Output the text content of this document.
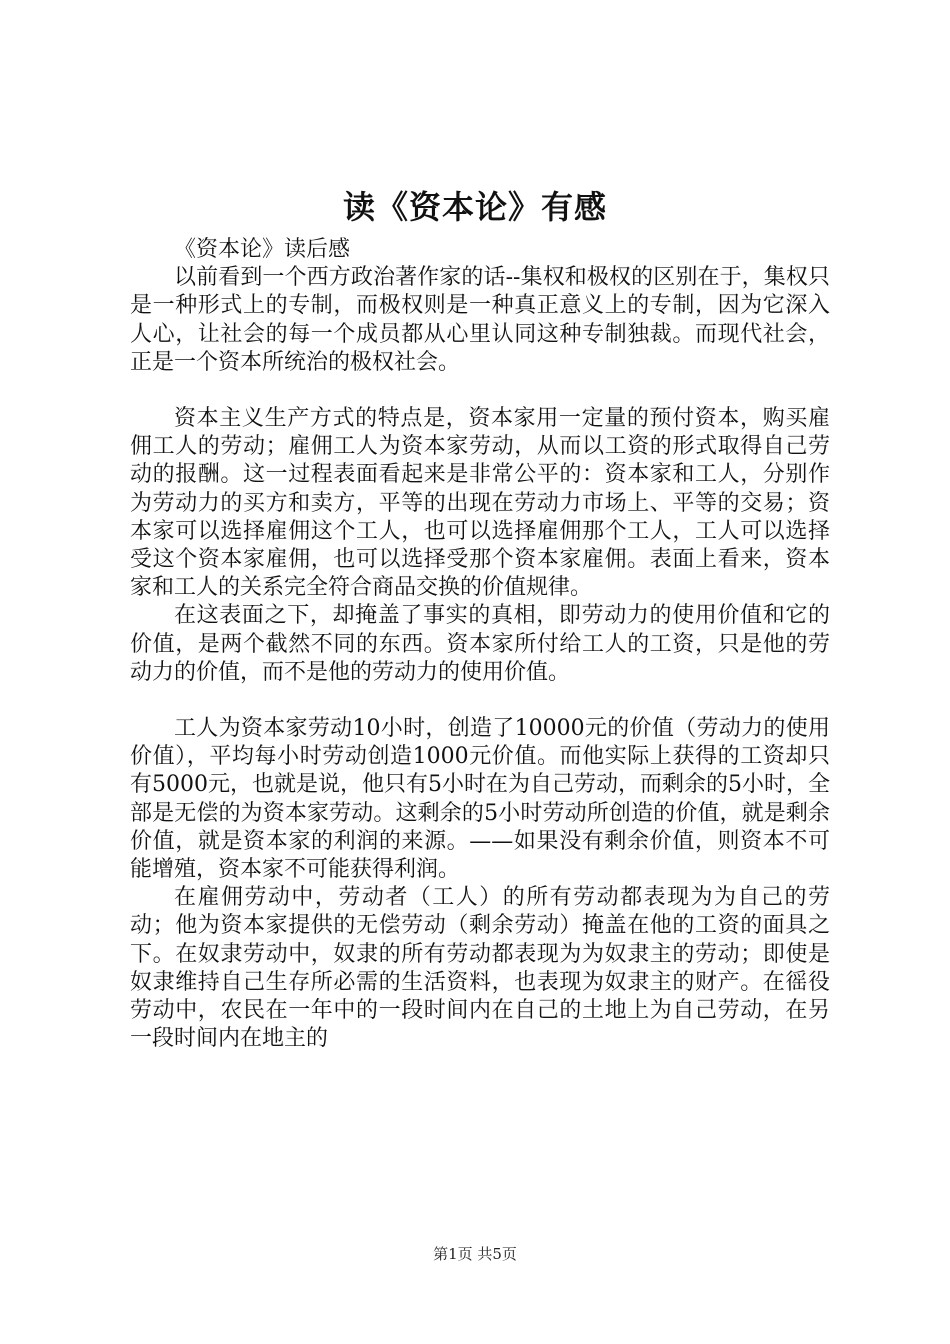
读《资本论》有感

《资本论》读后感

以前看到一个西方政治著作家的话--集权和极权的区别在于，集权只是一种形式上的专制，而极权则是一种真正意义上的专制，因为它深入人心，让社会的每一个成员都从心里认同这种专制独裁。而现代社会，正是一个资本所统治的极权社会。

资本主义生产方式的特点是，资本家用一定量的预付资本，购买雇佣工人的劳动；雇佣工人为资本家劳动，从而以工资的形式取得自己劳动的报酬。这一过程表面看起来是非常公平的：资本家和工人，分别作为劳动力的买方和卖方，平等的出现在劳动力市场上、平等的交易；资本家可以选择雇佣这个工人，也可以选择雇佣那个工人，工人可以选择受这个资本家雇佣，也可以选择受那个资本家雇佣。表面上看来，资本家和工人的关系完全符合商品交换的价值规律。

在这表面之下，却掩盖了事实的真相，即劳动力的使用价值和它的价值，是两个截然不同的东西。资本家所付给工人的工资，只是他的劳动力的价值，而不是他的劳动力的使用价值。

工人为资本家劳动10小时，创造了10000元的价值（劳动力的使用价值），平均每小时劳动创造1000元价值。而他实际上获得的工资却只有5000元，也就是说，他只有5小时在为自己劳动，而剩余的5小时，全部是无偿的为资本家劳动。这剩余的5小时劳动所创造的价值，就是剩余价值，就是资本家的利润的来源。——如果没有剩余价值，则资本不可能增殖，资本家不可能获得利润。

在雇佣劳动中，劳动者（工人）的所有劳动都表现为为自己的劳动；他为资本家提供的无偿劳动（剩余劳动）掩盖在他的工资的面具之下。在奴隶劳动中，奴隶的所有劳动都表现为为奴隶主的劳动；即使是奴隶维持自己生存所必需的生活资料，也表现为奴隶主的财产。在徭役劳动中，农民在一年中的一段时间内在自己的土地上为自己劳动，在另一段时间内在地主的

第1页 共5页
